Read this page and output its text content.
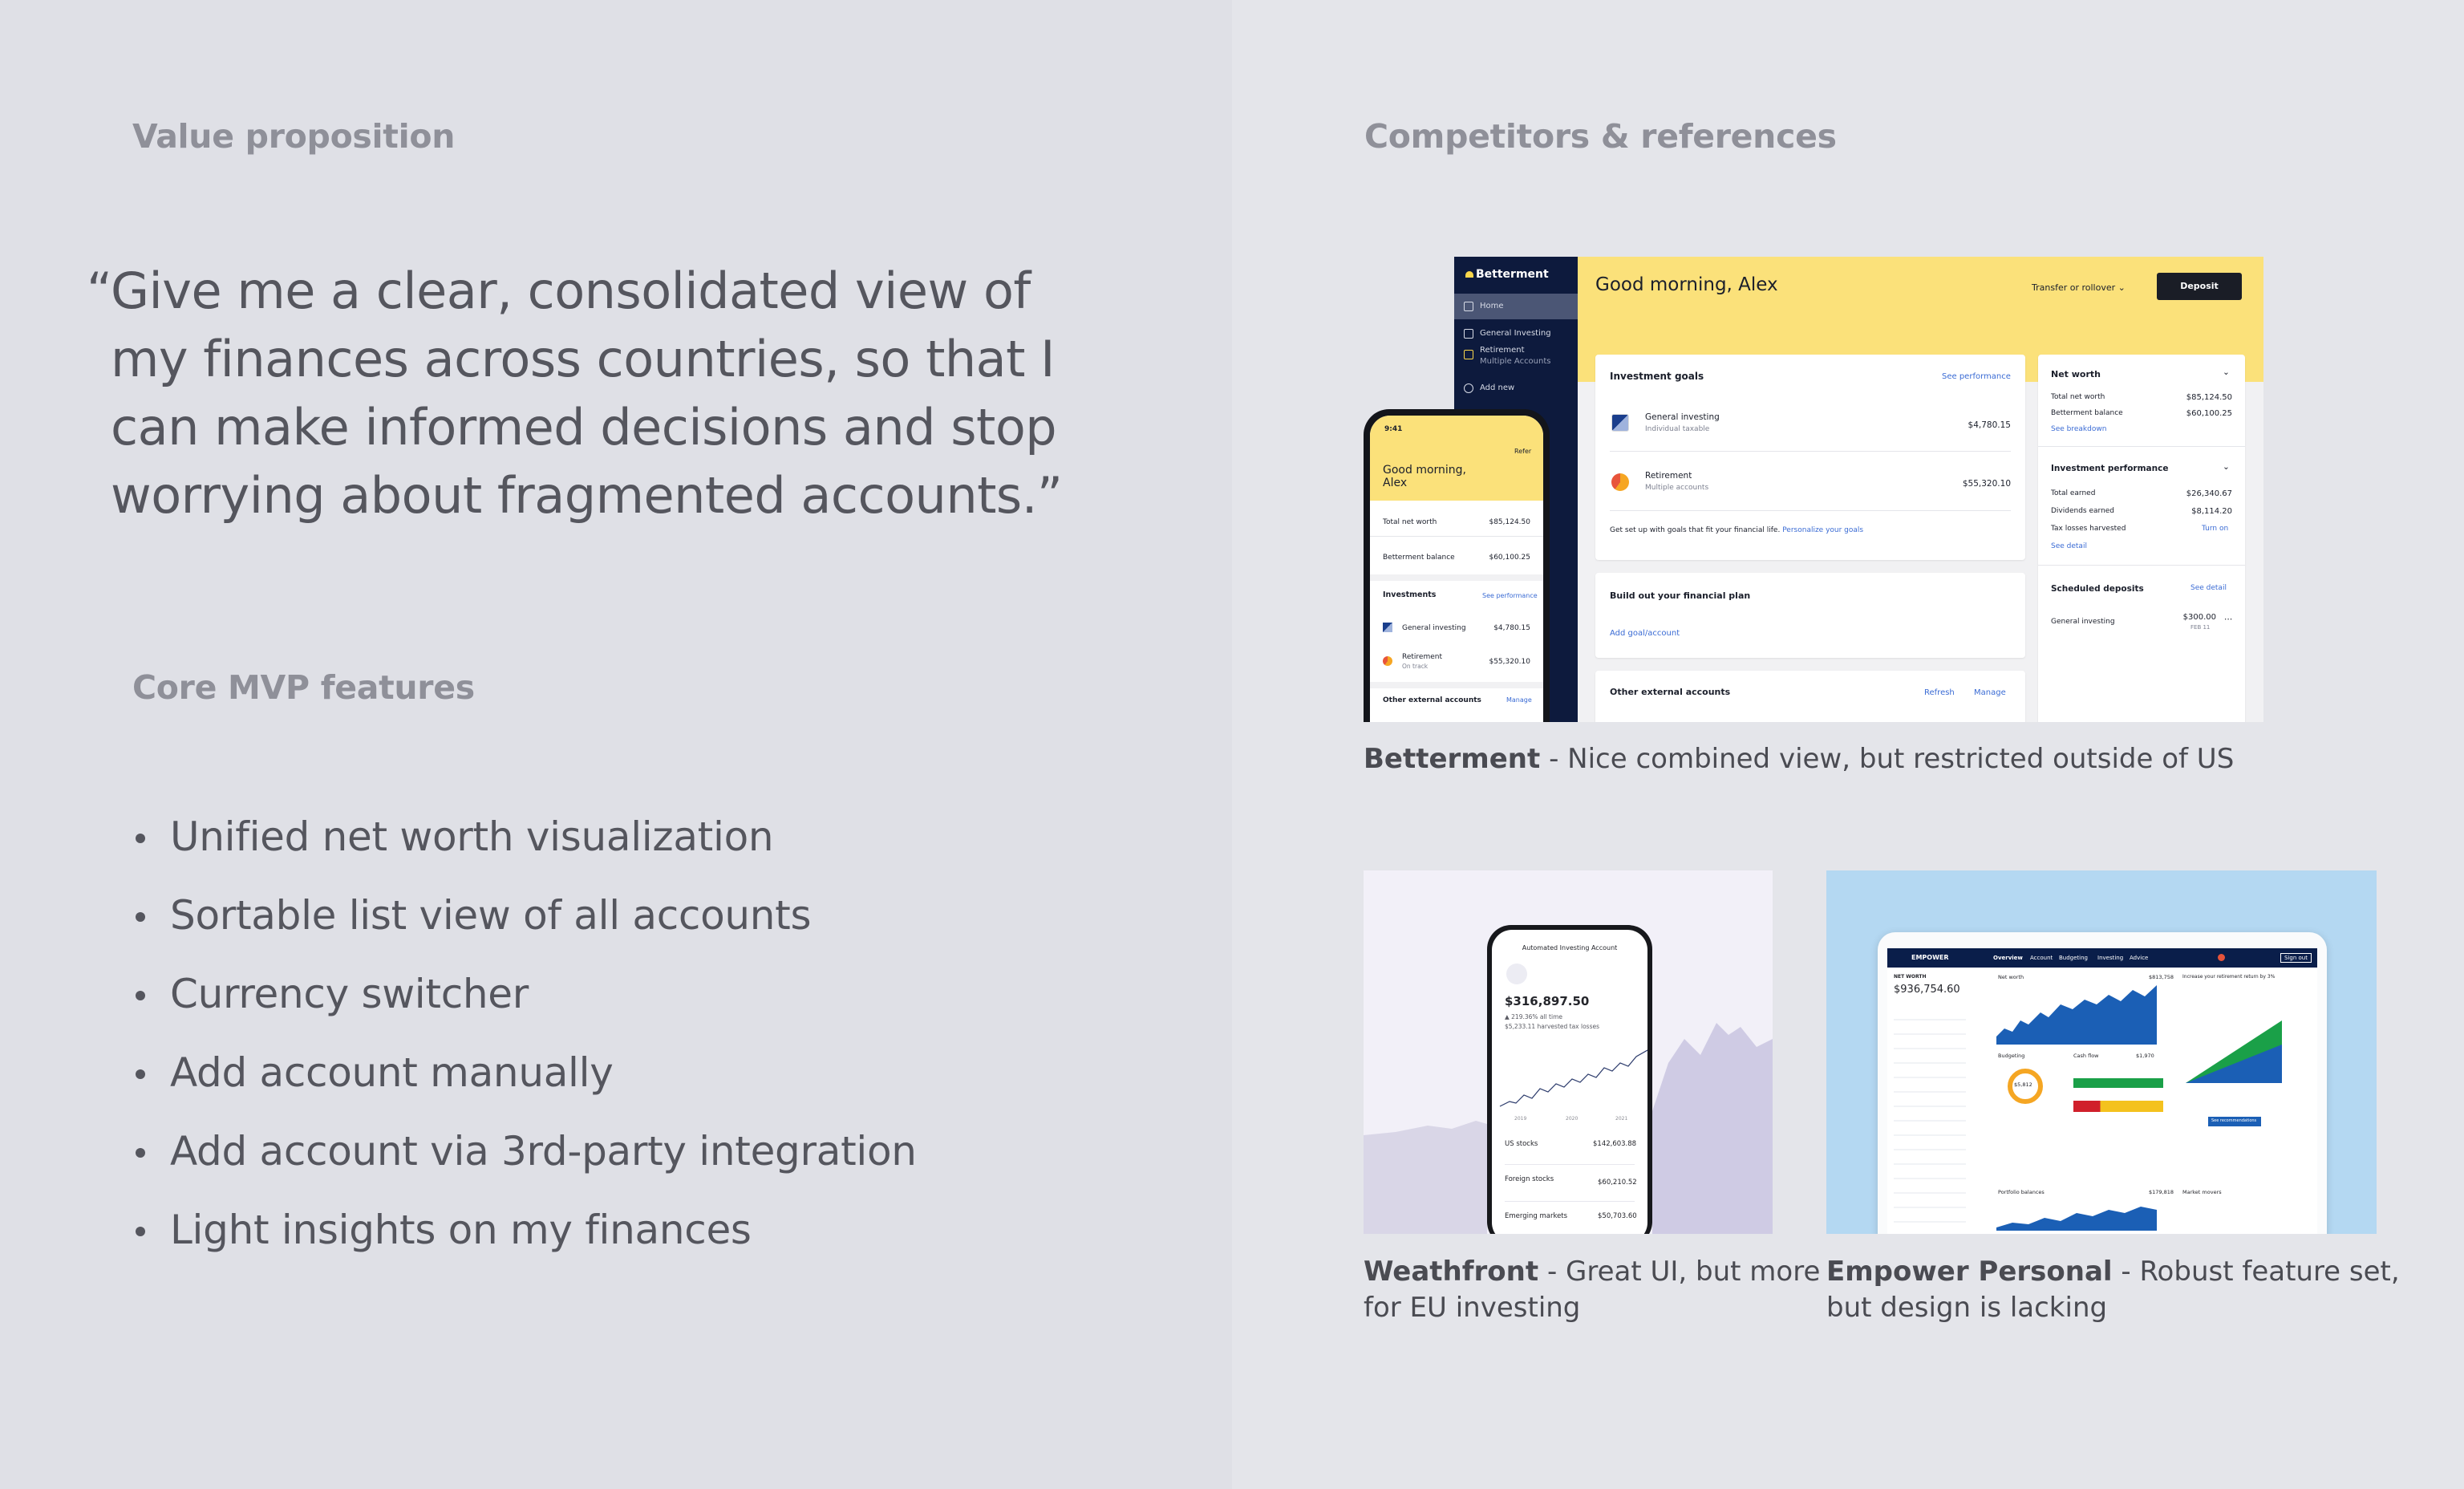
Value proposition
“
Give me a clear, consolidated view of
my finances across countries, so that I
can make informed decisions and stop
worrying about fragmented accounts.”
Core MVP features
Unified net worth visualization
Sortable list view of all accounts
Currency switcher
Add account manually
Add account via 3rd-party integration
Light insights on my finances
Competitors & references
Betterment
Home
General Investing
Retirement
Multiple Accounts
Add new
Good morning, Alex	Transfer or rollover ⌄	Deposit
Investment goals	See performance
General investing
Individual taxable	$4,780.15
Retirement
Multiple accounts	$55,320.10
Get set up with goals that fit your financial life. Personalize your goals
Build out your financial plan
Add goal/account
Other external accounts	Refresh Manage
Net worth	⌄
Total net worth	$85,124.50
Betterment balance	$60,100.25
See breakdown
Investment performance	⌄
Total earned	$26,340.67
Dividends earned	$8,114.20
Tax losses harvested	Turn on
See detail
Scheduled deposits	See detail
General investing	$300.00
FEB 11
⋯
9:41
Refer
Good morning,
Alex
Total net worth	$85,124.50
Betterment balance	$60,100.25
Investments	See performance
General investing	$4,780.15
Retirement
On track
$55,320.10
Other external accounts	Manage
Betterment - Nice combined view, but restricted outside of US
Automated Investing Account
$316,897.50
▲ 219.36% all time
$5,233.11 harvested tax losses
2019	2020	2021
US stocks	$142,603.88
Foreign stocks	$60,210.52
Emerging markets	$50,703.60
Weathfront - Great UI, but more
for EU investing
EMPOWER	Overview Account Budgeting Investing Advice	Sign out
NET WORTH
$936,754.60
Net worth	$813,758
Budgeting
$5,812
Cash flow	$1,970
Portfolio balances	$179,818
Increase your retirement return by 3%
See recommendations
Market movers
Empower Personal - Robust feature set,
but design is lacking
